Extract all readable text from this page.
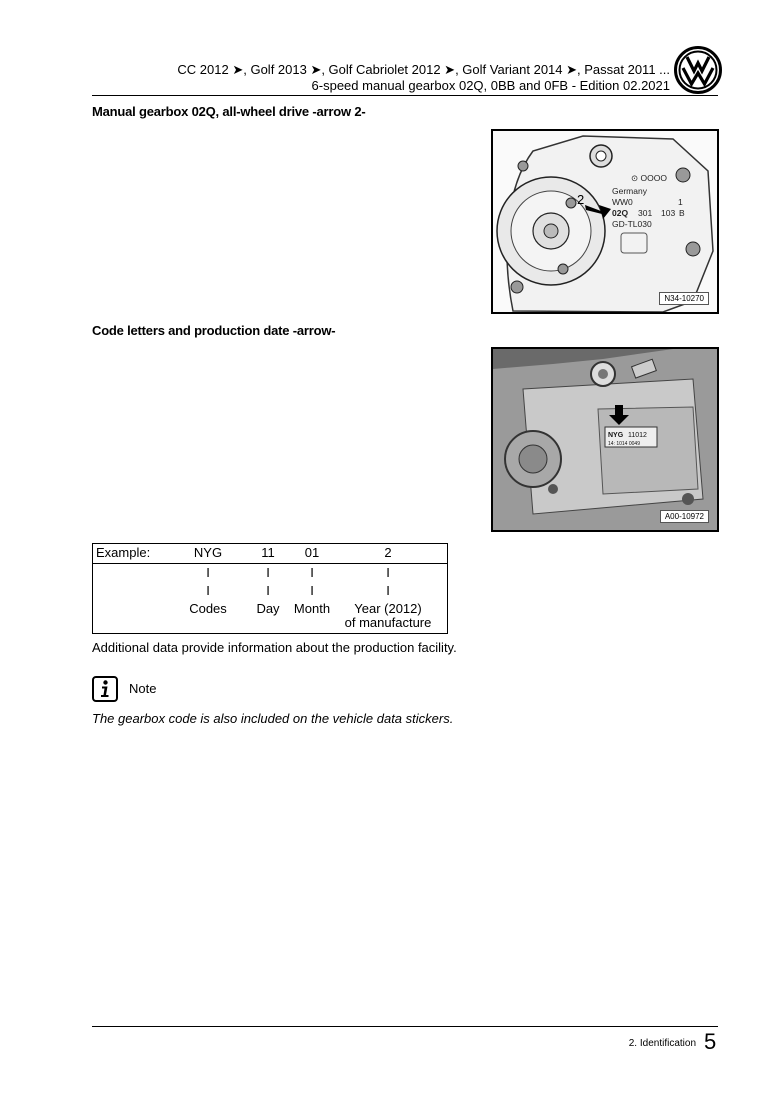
CC 2012 ➤, Golf 2013 ➤, Golf Cabriolet 2012 ➤, Golf Variant 2014 ➤, Passat 2011 ...
6-speed manual gearbox 02Q, 0BB and 0FB - Edition 02.2021
Manual gearbox 02Q, all-wheel drive -arrow 2-
⊙ OOOO
Germany
WW0	1
02Q 301 103 B
GD-TL030
2
N34-10270
Code letters and production date -arrow-
NYG 11012
14: 1014 0049
A00-10972
Example:	NYG	11	01	2
I	I	I	I
I	I	I	I
Codes	Day	Month	Year (2012)
of manufacture
Additional data provide information about the production facility.
Note
The gearbox code is also included on the vehicle data stickers.
2. Identification 5
